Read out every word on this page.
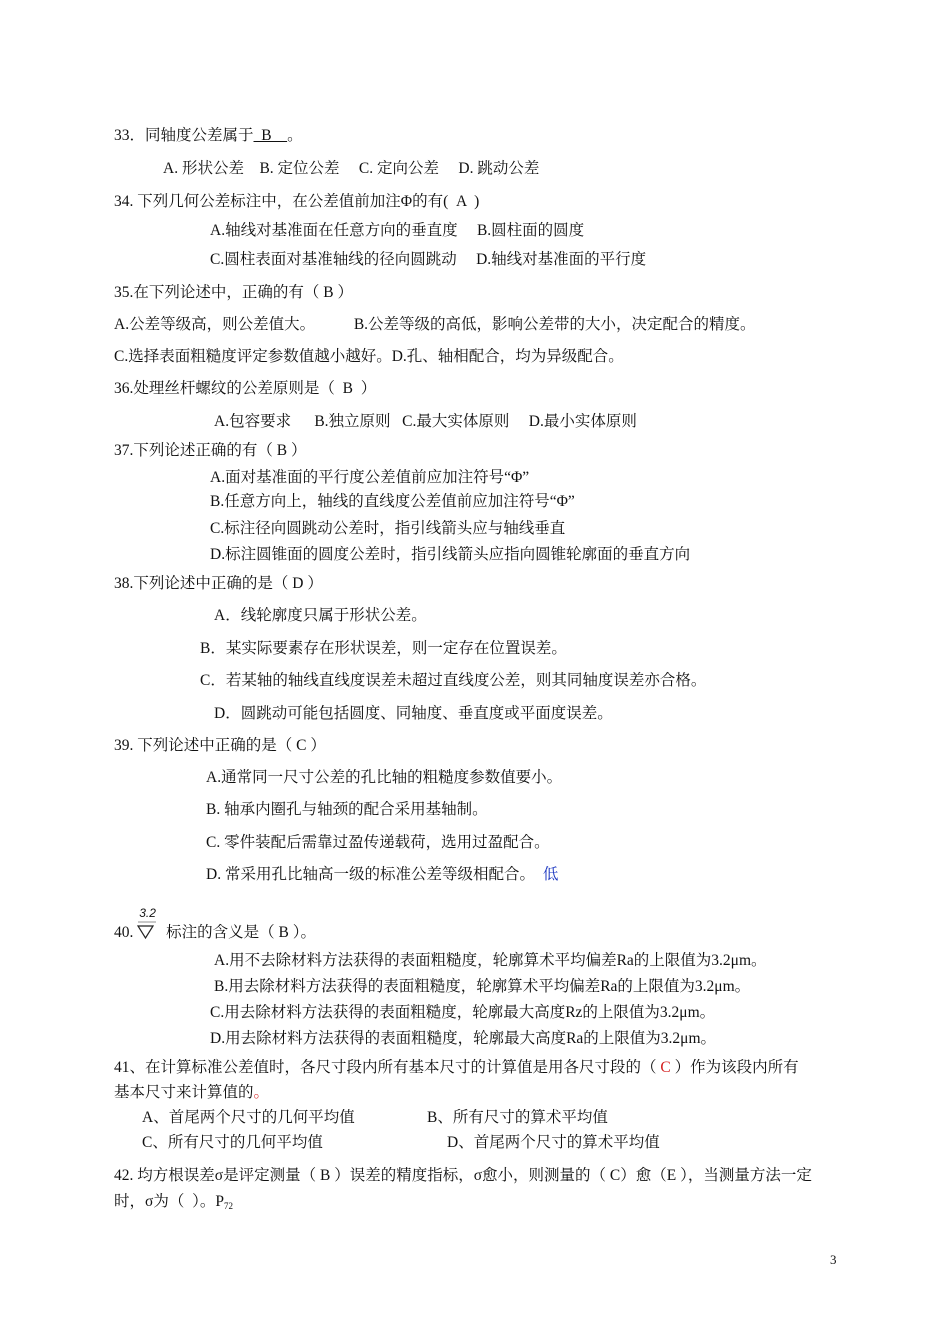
33．同轴度公差属于  B    。
A. 形状公差    B. 定位公差     C. 定向公差     D. 跳动公差
34. 下列几何公差标注中，在公差值前加注Φ的有(  A  )
A.轴线对基准面在任意方向的垂直度     B.圆柱面的圆度
C.圆柱表面对基准轴线的径向圆跳动     D.轴线对基准面的平行度
35.在下列论述中，正确的有（ B ）
A.公差等级高，则公差值大。          B.公差等级的高低，影响公差带的大小，决定配合的精度。
C.选择表面粗糙度评定参数值越小越好。D.孔、轴相配合，均为异级配合。
36.处理丝杆螺纹的公差原则是（  B  ）
A.包容要求      B.独立原则   C.最大实体原则     D.最小实体原则
37.下列论述正确的有（ B ）
A.面对基准面的平行度公差值前应加注符号“Φ”
B.任意方向上，轴线的直线度公差值前应加注符号“Φ”
C.标注径向圆跳动公差时，指引线箭头应与轴线垂直
D.标注圆锥面的圆度公差时，指引线箭头应指向圆锥轮廓面的垂直方向
38.下列论述中正确的是（ D ）
A．线轮廓度只属于形状公差。
B．某实际要素存在形状误差，则一定存在位置误差。
C．若某轴的轴线直线度误差未超过直线度公差，则其同轴度误差亦合格。
D．圆跳动可能包括圆度、同轴度、垂直度或平面度误差。
39. 下列论述中正确的是（ C ）
A.通常同一尺寸公差的孔比轴的粗糙度参数值要小。
B. 轴承内圈孔与轴颈的配合采用基轴制。
C. 零件装配后需靠过盈传递载荷，选用过盈配合。
D. 常采用孔比轴高一级的标准公差等级相配合。 低
40.
3.2
标注的含义是（ B ）。
A.用不去除材料方法获得的表面粗糙度，轮廓算术平均偏差Ra的上限值为3.2μm。
B.用去除材料方法获得的表面粗糙度，轮廓算术平均偏差Ra的上限值为3.2μm。
C.用去除材料方法获得的表面粗糙度，轮廓最大高度Rz的上限值为3.2μm。
D.用去除材料方法获得的表面粗糙度，轮廓最大高度Ra的上限值为3.2μm。
41、在计算标准公差值时，各尺寸段内所有基本尺寸的计算值是用各尺寸段的（ C ）作为该段内所有
基本尺寸来计算值的。
A、首尾两个尺寸的几何平均值	B、所有尺寸的算术平均值
C、所有尺寸的几何平均值	D、首尾两个尺寸的算术平均值
42. 均方根误差σ是评定测量（ B ）误差的精度指标，σ愈小，则测量的（ C）愈（E ），当测量方法一定
时，σ为（  ）。$P_{72}$
3
